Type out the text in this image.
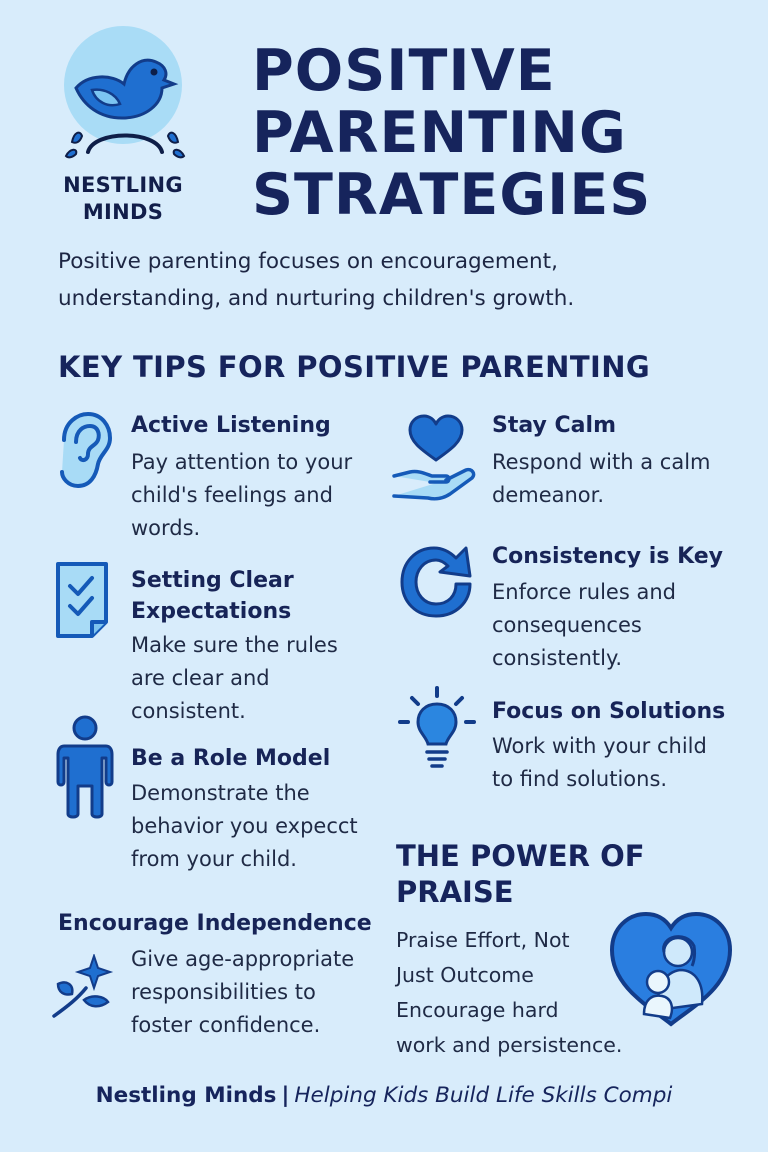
NESTLING
MINDS
POSITIVE
PARENTING
STRATEGIES
Positive parenting focuses on encouragement,
understanding, and nurturing children's growth.
KEY TIPS FOR POSITIVE PARENTING
Active Listening
Pay attention to your
child's feelings and
words.
Setting Clear
Expectations
Make sure the rules
are clear and
consistent.
Be a Role Model
Demonstrate the
behavior you expecct
from your child.
Encourage Independence
Give age-appropriate
responsibilities to
foster confidence.
Stay Calm
Respond with a calm
demeanor.
Consistency is Key
Enforce rules and
consequences
consistently.
Focus on Solutions
Work with your child
to find solutions.
THE POWER OF
PRAISE
Praise Effort, Not
Just Outcome
Encourage hard
work and persistence.
Nestling Minds | Helping Kids Build Life Skills Compi
